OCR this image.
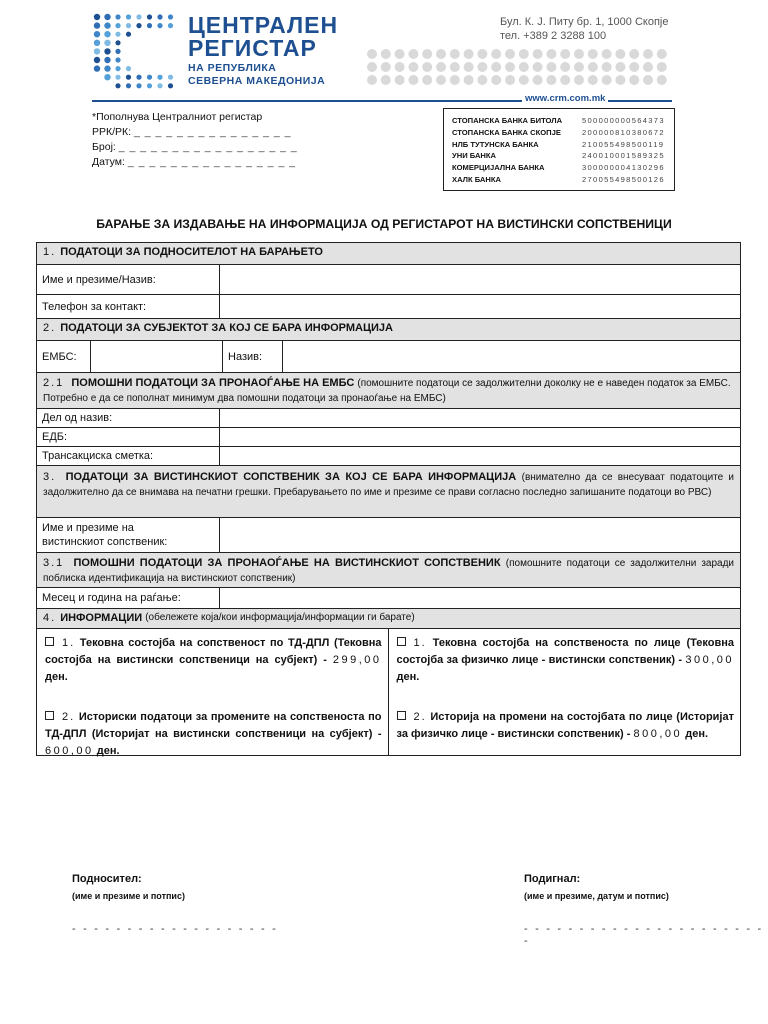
ЦЕНТРАЛЕН
РЕГИСТАР
НА РЕПУБЛИКА
СЕВЕРНА МАКЕДОНИЈА
Бул. К. Ј. Питу бр. 1, 1000 Скопје
тел. +389 2 3288 100
www.crm.com.mk
*Пополнува Централниот регистар
РРК/РК: _ _ _ _ _ _ _ _ _ _ _ _ _ _ _
Број: _ _ _ _ _ _ _ _ _ _ _ _ _ _ _ _ _
Датум: _ _ _ _ _ _ _ _ _ _ _ _ _ _ _ _
СТОПАНСКА БАНКА БИТОЛА	500000000564373
СТОПАНСКА БАНКА СКОПЈЕ	200000810380672
НЛБ ТУТУНСКА БАНКА	210055498500119
УНИ БАНКА	240010001589325
КОМЕРЦИЈАЛНА БАНКА	300000004130296
ХАЛК БАНКА	270055498500126
БАРАЊЕ ЗА ИЗДАВАЊЕ НА ИНФОРМАЦИЈА ОД РЕГИСТАРОТ НА ВИСТИНСКИ СОПСТВЕНИЦИ
1. ПОДАТОЦИ ЗА ПОДНОСИТЕЛОТ НА БАРАЊЕТО
Име и презиме/Назив:
Телефон за контакт:
2. ПОДАТОЦИ ЗА СУБЈЕКТОТ ЗА КОЈ СЕ БАРА ИНФОРМАЦИЈА
ЕМБС:	Назив:
2.1 ПОМОШНИ ПОДАТОЦИ ЗА ПРОНАОЃАЊЕ НА ЕМБС (помошните податоци се задолжителни доколку не е наведен податок за ЕМБС. Потребно е да се пополнат минимум два помошни податоци за пронаоѓање на ЕМБС)
Дел од назив:
ЕДБ:
Трансакциска сметка:
3. ПОДАТОЦИ ЗА ВИСТИНСКИОТ СОПСТВЕНИК ЗА КОЈ СЕ БАРА ИНФОРМАЦИЈА (внимателно да се внесуваат податоците и задолжително да се внимава на печатни грешки. Пребарувањето по име и презиме се прави согласно последно запишаните податоци во РВС)
Име и презиме на
вистинскиот сопственик:
3.1 ПОМОШНИ ПОДАТОЦИ ЗА ПРОНАОЃАЊЕ НА ВИСТИНСКИОТ СОПСТВЕНИК (помошните податоци се задолжителни заради поблиска идентификација на вистинскиот сопственик)
Месец и година на раѓање:
4. ИНФОРМАЦИИ
(обележете која/кои информација/информации ги барате)
1. Тековна состојба на сопственост по ТД-ДПЛ (Тековна состојба на вистински сопственици на субјект) - 299,00 ден.
2. Историски податоци за промените на сопственоста по ТД-ДПЛ (Историјат на вистински сопственици на субјект) - 600,00 ден.
1. Тековна состојба на сопственоста по лице (Тековна состојба за физичко лице - вистински сопственик) - 300,00 ден.
2. Историја на промени на состојбата по лице (Историјат за физичко лице - вистински сопственик) - 800,00 ден.
Подносител:
(име и презиме и потпис)
- - - - - - - - - - - - - - - - - - -
Подигнал:
(име и презиме, датум и потпис)
- - - - - - - - - - - - - - - - - - - - - - -
